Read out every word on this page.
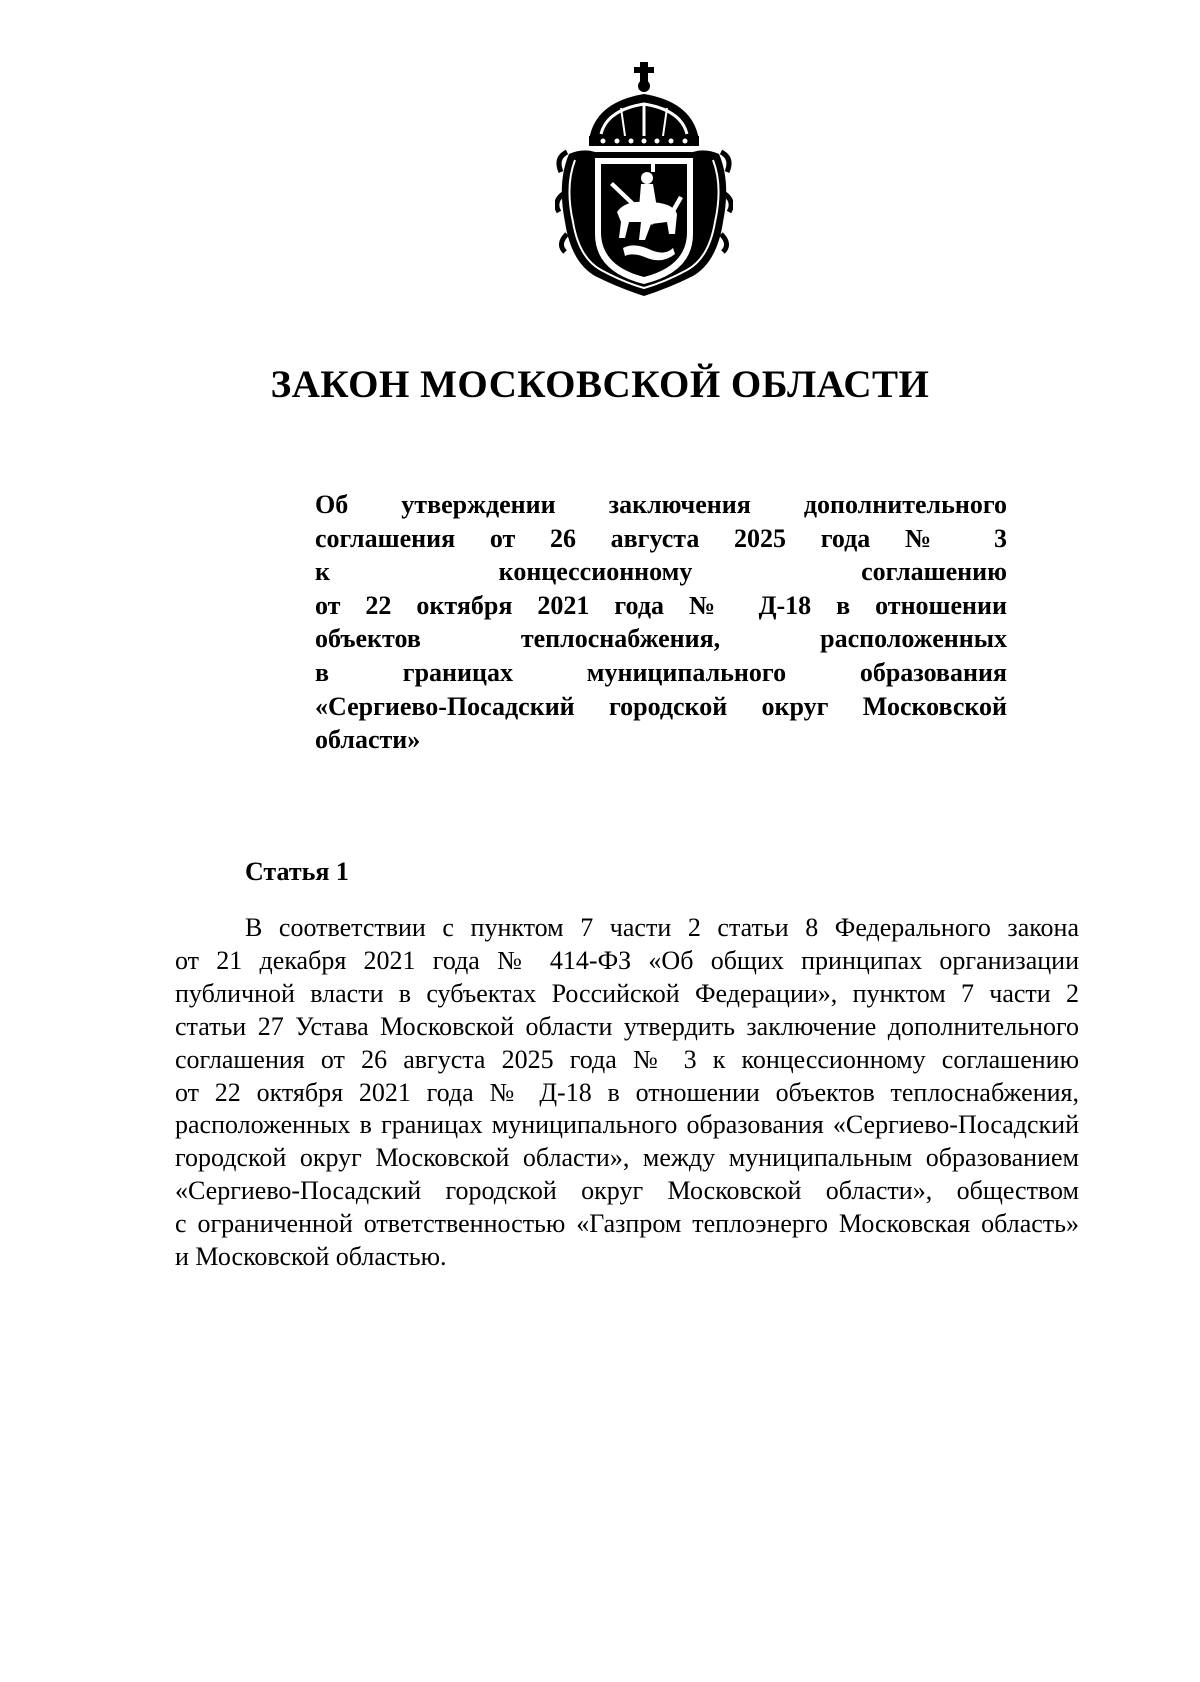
ЗАКОН МОСКОВСКОЙ ОБЛАСТИ
Об утверждении заключения дополнительного
соглашения от 26 августа 2025 года № 3
к концессионному соглашению
от 22 октября 2021 года № Д-18 в отношении
объектов теплоснабжения, расположенных
в границах муниципального образования
«Сергиево-Посадский городской округ Московской
области»
Статья 1
В соответствии с пунктом 7 части 2 статьи 8 Федерального закона
от 21 декабря 2021 года № 414-ФЗ «Об общих принципах организации
публичной власти в субъектах Российской Федерации», пунктом 7 части 2
статьи 27 Устава Московской области утвердить заключение дополнительного
соглашения от 26 августа 2025 года № 3 к концессионному соглашению
от 22 октября 2021 года № Д-18 в отношении объектов теплоснабжения,
расположенных в границах муниципального образования «Сергиево-Посадский
городской округ Московской области», между муниципальным образованием
«Сергиево-Посадский городской округ Московской области», обществом
с ограниченной ответственностью «Газпром теплоэнерго Московская область»
и Московской областью.
